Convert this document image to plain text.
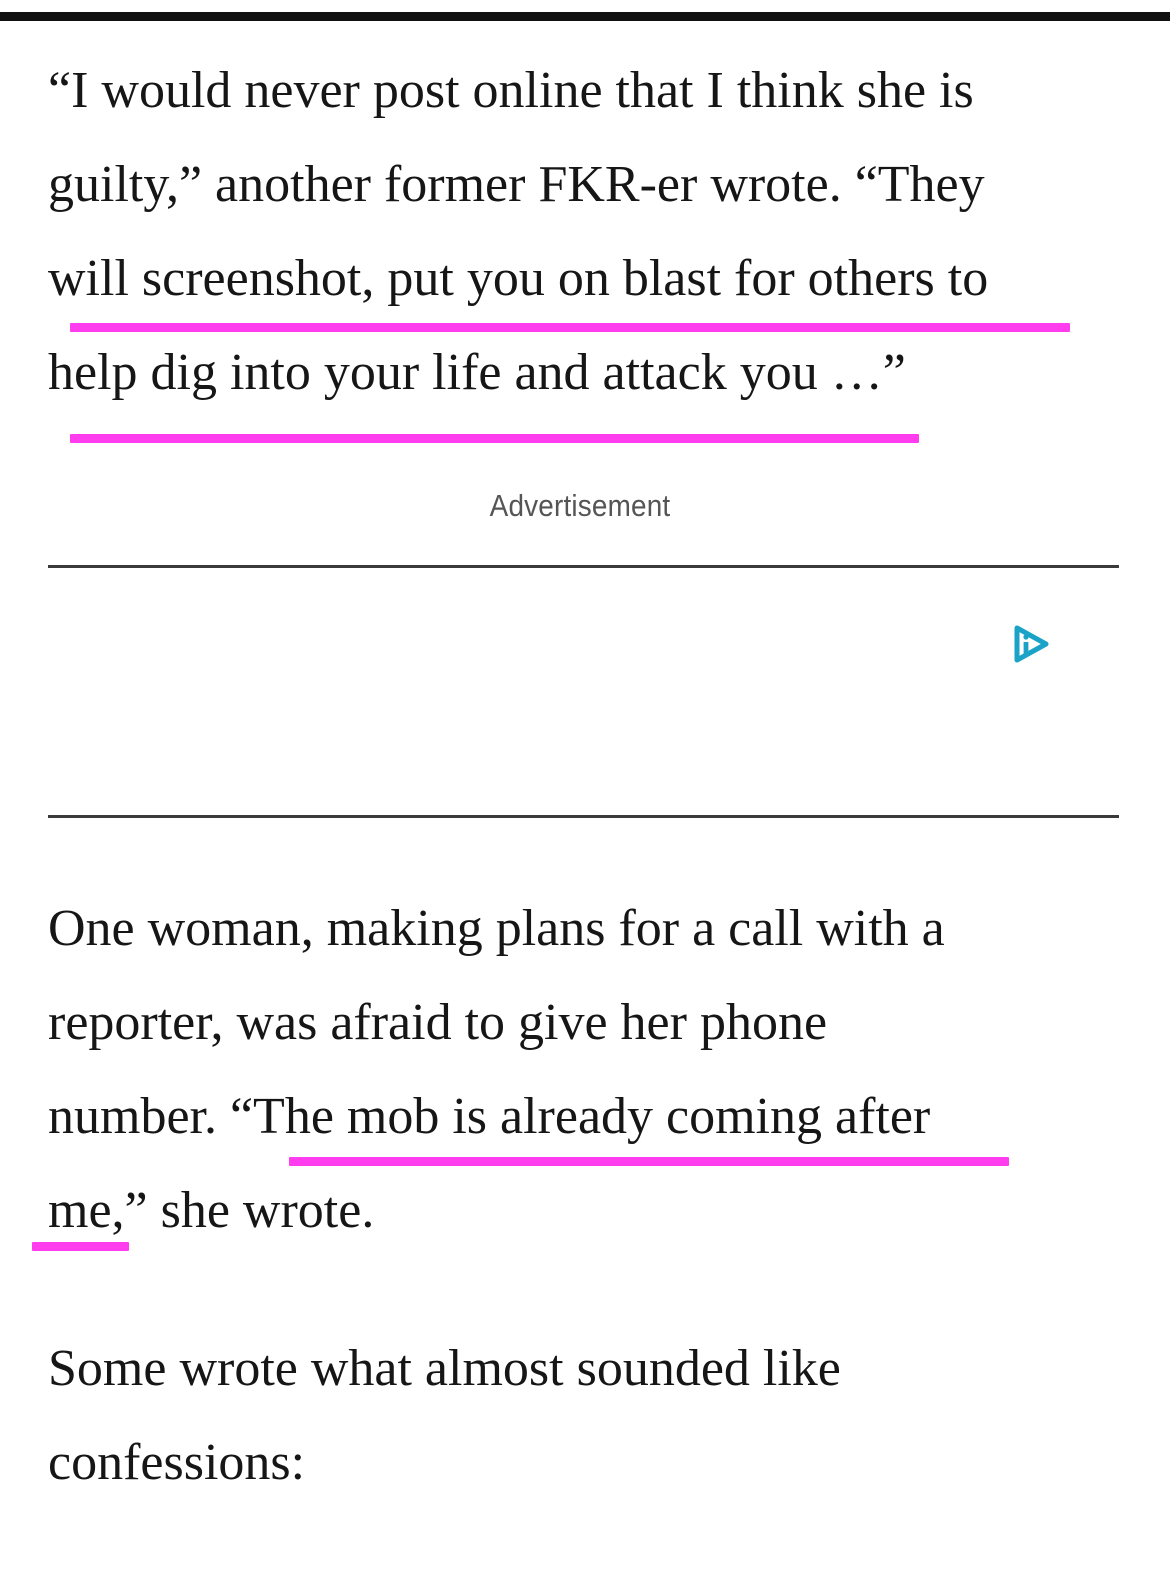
“I would never post online that I think she is
guilty,” another former FKR-er wrote. “They
will screenshot, put you on blast for others to
help dig into your life and attack you …”
Advertisement
One woman, making plans for a call with a
reporter, was afraid to give her phone
number. “The mob is already coming after
me,” she wrote.
Some wrote what almost sounded like
confessions:
